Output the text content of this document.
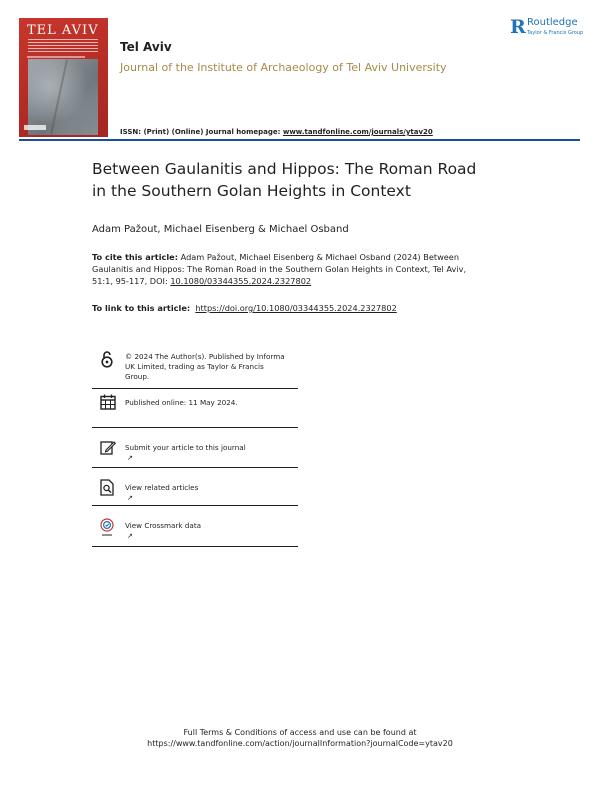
TEL AVIV
Tel Aviv
Journal of the Institute of Archaeology of Tel Aviv University
R Routledge
Taylor & Francis Group
ISSN: (Print) (Online) Journal homepage: www.tandfonline.com/journals/ytav20
Between Gaulanitis and Hippos: The Roman Road
in the Southern Golan Heights in Context
Adam Pažout, Michael Eisenberg & Michael Osband
To cite this article: Adam Pažout, Michael Eisenberg & Michael Osband (2024) Between
Gaulanitis and Hippos: The Roman Road in the Southern Golan Heights in Context, Tel Aviv,
51:1, 95-117, DOI: 10.1080/03344355.2024.2327802
To link to this article: https://doi.org/10.1080/03344355.2024.2327802
© 2024 The Author(s). Published by Informa
UK Limited, trading as Taylor & Francis
Group.
Published online: 11 May 2024.
Submit your article to this journal
↗
View related articles
↗
View Crossmark data
↗
Full Terms & Conditions of access and use can be found at
https://www.tandfonline.com/action/journalInformation?journalCode=ytav20
